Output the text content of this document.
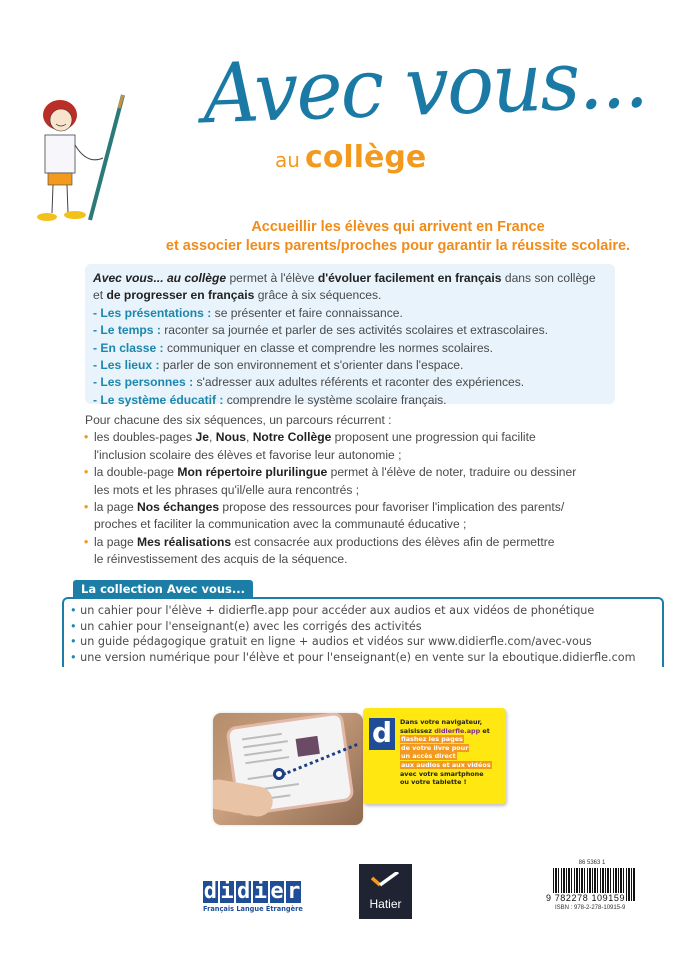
Avec vous...
au collège
Accueillir les élèves qui arrivent en France
et associer leurs parents/proches pour garantir la réussite scolaire.
Avec vous... au collège permet à l'élève d'évoluer facilement en français dans son collège et de progresser en français grâce à six séquences.
- Les présentations : se présenter et faire connaissance.
- Le temps : raconter sa journée et parler de ses activités scolaires et extrascolaires.
- En classe : communiquer en classe et comprendre les normes scolaires.
- Les lieux : parler de son environnement et s'orienter dans l'espace.
- Les personnes : s'adresser aux adultes référents et raconter des expériences.
- Le système éducatif : comprendre le système scolaire français.
Pour chacune des six séquences, un parcours récurrent :
• les doubles-pages Je, Nous, Notre Collège proposent une progression qui facilite
l'inclusion scolaire des élèves et favorise leur autonomie ;
• la double-page Mon répertoire plurilingue permet à l'élève de noter, traduire ou dessiner
les mots et les phrases qu'il/elle aura rencontrés ;
• la page Nos échanges propose des ressources pour favoriser l'implication des parents/
proches et faciliter la communication avec la communauté éducative ;
• la page Mes réalisations est consacrée aux productions des élèves afin de permettre
le réinvestissement des acquis de la séquence.
La collection Avec vous...
• un cahier pour l'élève + didierfle.app pour accéder aux audios et aux vidéos de phonétique
• un cahier pour l'enseignant(e) avec les corrigés des activités
• un guide pédagogique gratuit en ligne + audios et vidéos sur www.didierfle.com/avec-vous
• une version numérique pour l'élève et pour l'enseignant(e) en vente sur la eboutique.didierfle.com
d	Dans votre navigateur,
saisissez didierfle.app et
flashez les pages
de votre livre pour
un accès direct
aux audios et aux vidéos
avec votre smartphone
ou votre tablette !
d i d i e r
Français Langue Étrangère	Hatier
86 5363 1
9 782278 109159
ISBN : 978-2-278-10915-9
